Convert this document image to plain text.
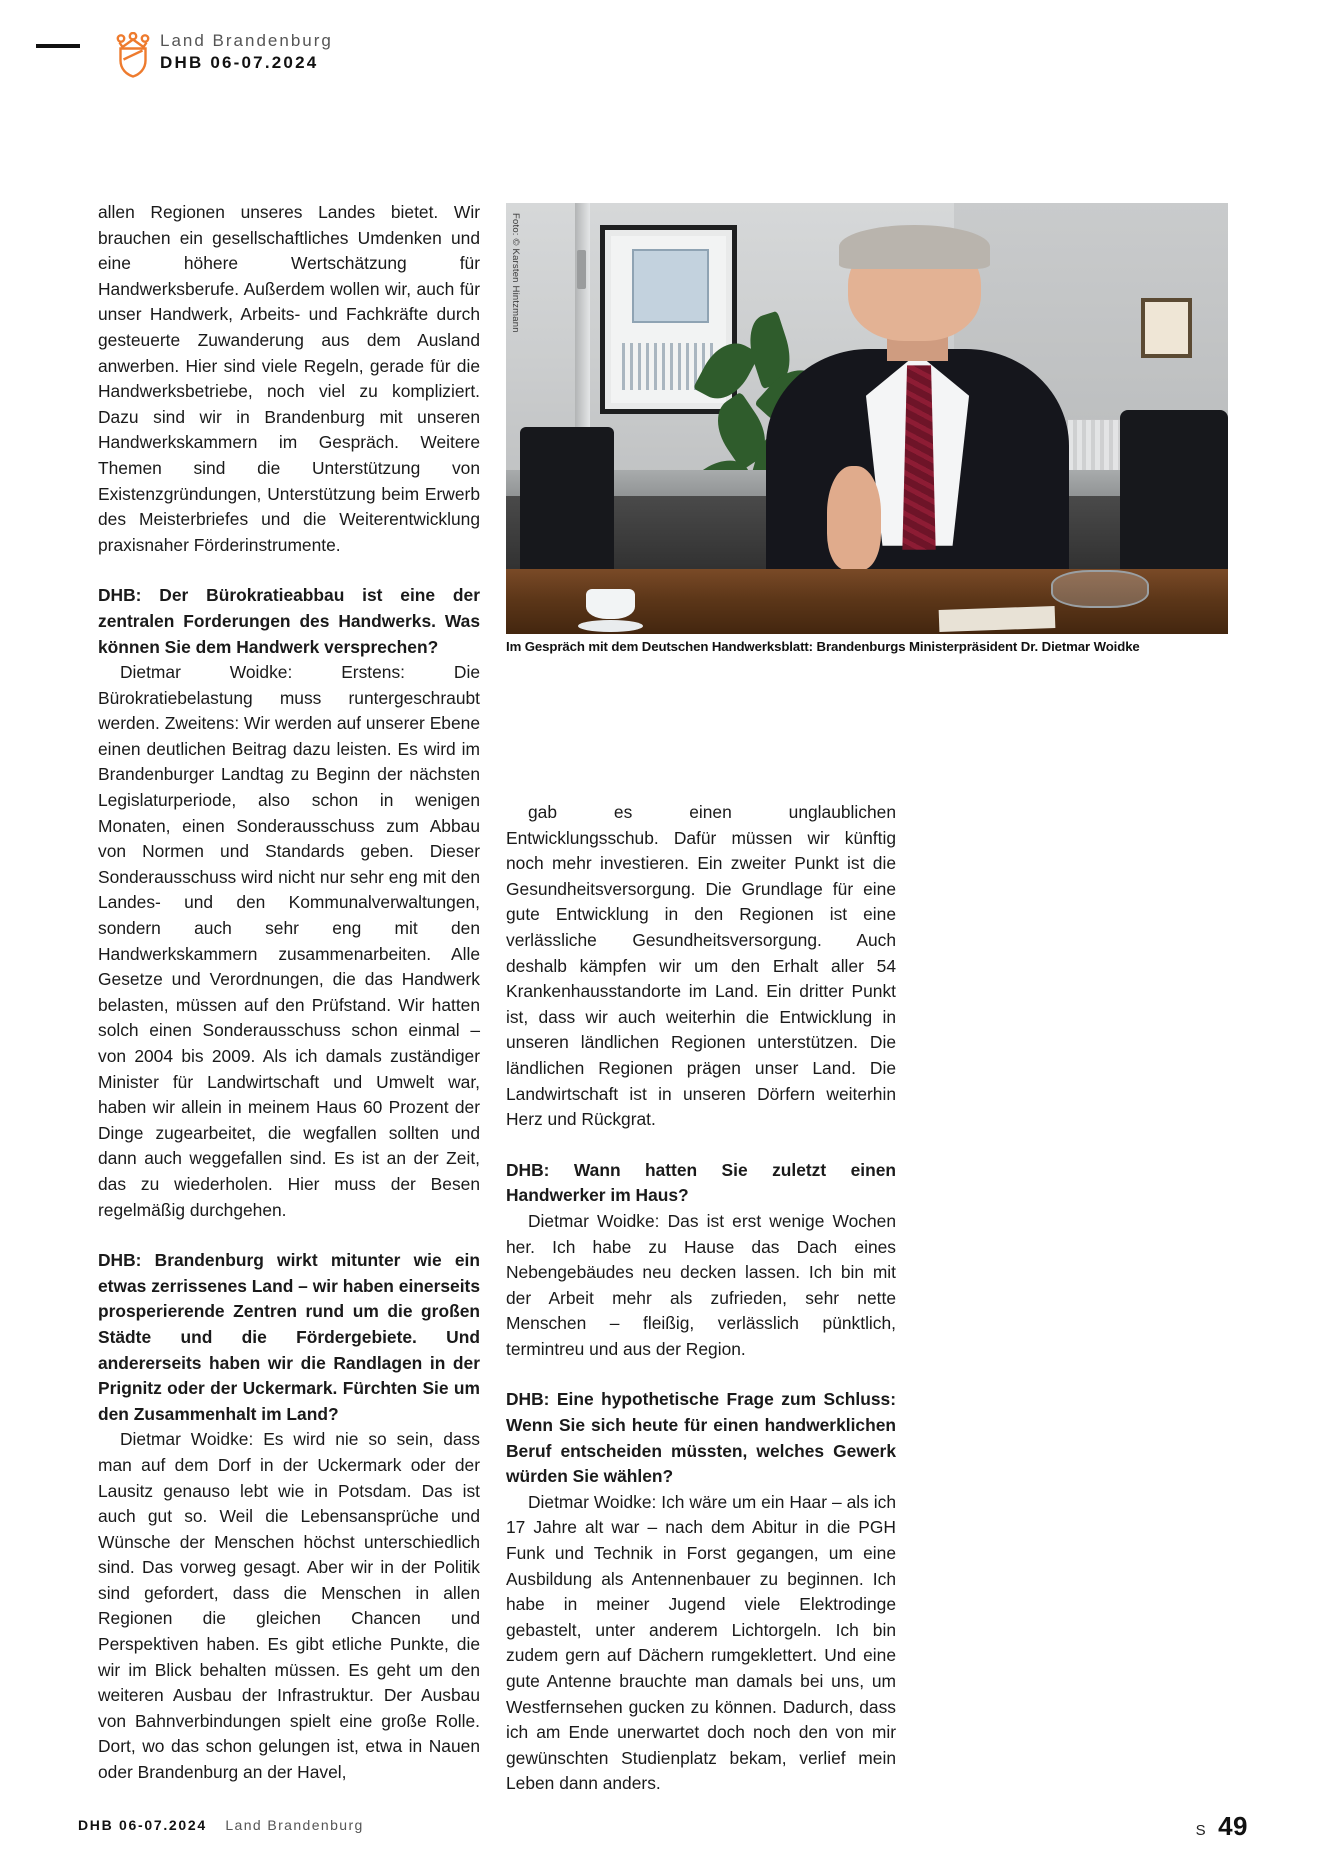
Land Brandenburg
DHB 06-07.2024
Foto: © Karsten Hintzmann
Im Gespräch mit dem Deutschen Handwerksblatt: Brandenburgs Ministerpräsident Dr. Dietmar Woidke

allen Regionen unseres Landes bietet. Wir brauchen ein gesellschaftliches Umdenken und eine höhere Wertschätzung für Handwerksberufe. Außerdem wollen wir, auch für unser Handwerk, Arbeits- und Fachkräfte durch gesteuerte Zuwanderung aus dem Ausland anwerben. Hier sind viele Regeln, gerade für die Handwerksbetriebe, noch viel zu kompliziert. Dazu sind wir in Brandenburg mit unseren Handwerkskammern im Gespräch. Weitere Themen sind die Unterstützung von Existenzgründungen, Unterstützung beim Erwerb des Meisterbriefes und die Weiterentwicklung praxisnaher Förderinstrumente.

DHB: Der Bürokratieabbau ist eine der zentralen Forderungen des Handwerks. Was können Sie dem Handwerk versprechen?

Dietmar Woidke: Erstens: Die Bürokratiebelastung muss runtergeschraubt werden. Zweitens: Wir werden auf unserer Ebene einen deutlichen Beitrag dazu leisten. Es wird im Brandenburger Landtag zu Beginn der nächsten Legislaturperiode, also schon in wenigen Monaten, einen Sonderausschuss zum Abbau von Normen und Standards geben. Dieser Sonderausschuss wird nicht nur sehr eng mit den Landes- und den Kommunalverwaltungen, sondern auch sehr eng mit den Handwerkskammern zusammenarbeiten. Alle Gesetze und Verordnungen, die das Handwerk belasten, müssen auf den Prüfstand. Wir hatten solch einen Sonderausschuss schon einmal – von 2004 bis 2009. Als ich damals zuständiger Minister für Landwirtschaft und Umwelt war, haben wir allein in meinem Haus 60 Prozent der Dinge zugearbeitet, die wegfallen sollten und dann auch weggefallen sind. Es ist an der Zeit, das zu wiederholen. Hier muss der Besen regelmäßig durchgehen.

DHB: Brandenburg wirkt mitunter wie ein etwas zerrissenes Land – wir haben einerseits prosperierende Zentren rund um die großen Städte und die Fördergebiete. Und andererseits haben wir die Randlagen in der Prignitz oder der Uckermark. Fürchten Sie um den Zusammenhalt im Land?

Dietmar Woidke: Es wird nie so sein, dass man auf dem Dorf in der Uckermark oder der Lausitz genauso lebt wie in Potsdam. Das ist auch gut so. Weil die Lebensansprüche und Wünsche der Menschen höchst unterschiedlich sind. Das vorweg gesagt. Aber wir in der Politik sind gefordert, dass die Menschen in allen Regionen die gleichen Chancen und Perspektiven haben. Es gibt etliche Punkte, die wir im Blick behalten müssen. Es geht um den weiteren Ausbau der Infrastruktur. Der Ausbau von Bahnverbindungen spielt eine große Rolle. Dort, wo das schon gelungen ist, etwa in Nauen oder Brandenburg an der Havel,

gab es einen unglaublichen Entwicklungsschub. Dafür müssen wir künftig noch mehr investieren. Ein zweiter Punkt ist die Gesundheitsversorgung. Die Grundlage für eine gute Entwicklung in den Regionen ist eine verlässliche Gesundheitsversorgung. Auch deshalb kämpfen wir um den Erhalt aller 54 Krankenhausstandorte im Land. Ein dritter Punkt ist, dass wir auch weiterhin die Entwicklung in unseren ländlichen Regionen unterstützen. Die ländlichen Regionen prägen unser Land. Die Landwirtschaft ist in unseren Dörfern weiterhin Herz und Rückgrat.

DHB: Wann hatten Sie zuletzt einen Handwerker im Haus?

Dietmar Woidke: Das ist erst wenige Wochen her. Ich habe zu Hause das Dach eines Nebengebäudes neu decken lassen. Ich bin mit der Arbeit mehr als zufrieden, sehr nette Menschen – fleißig, verlässlich pünktlich, termintreu und aus der Region.

DHB: Eine hypothetische Frage zum Schluss: Wenn Sie sich heute für einen handwerklichen Beruf entscheiden müssten, welches Gewerk würden Sie wählen?

Dietmar Woidke: Ich wäre um ein Haar – als ich 17 Jahre alt war – nach dem Abitur in die PGH Funk und Technik in Forst gegangen, um eine Ausbildung als Antennenbauer zu beginnen. Ich habe in meiner Jugend viele Elektrodinge gebastelt, unter anderem Lichtorgeln. Ich bin zudem gern auf Dächern rumgeklettert. Und eine gute Antenne brauchte man damals bei uns, um Westfernsehen gucken zu können. Dadurch, dass ich am Ende unerwartet doch noch den von mir gewünschten Studienplatz bekam, verlief mein Leben dann anders.

DHB 06-07.2024 Land Brandenburg	S 49
